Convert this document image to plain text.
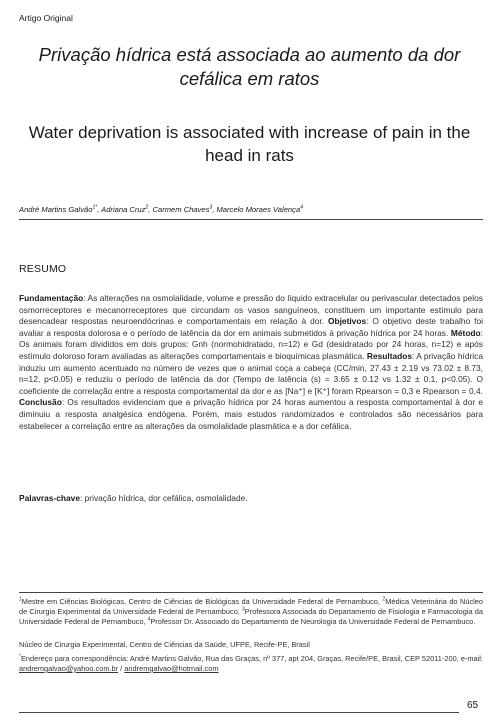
Artigo Original
Privação hídrica está associada ao aumento da dor cefálica em ratos
Water deprivation is associated with increase of pain in the head in rats
André Martins Galvão$^{1*}$, Adriana Cruz$^2$, Carmem Chaves$^3$, Marcelo Moraes Valença$^4$
RESUMO
Fundamentação: As alterações na osmolalidade, volume e pressão do líquido extracelular ou perivascular detectados pelos osmorreceptores e mecanorreceptores que circundam os vasos sanguíneos, constituem um importante estímulo para desencadear respostas neuroendócrinas e comportamentais em relação à dor. Objetivos: O objetivo deste trabalho foi avaliar a resposta dolorosa e o período de latência da dor em animais submetidos à privação hídrica por 24 horas. Método: Os animais foram divididos em dois grupos: Gnh (normohidratado, n=12) e Gd (desidratado por 24 horas, n=12) e após estímulo doloroso foram avaliadas as alterações comportamentais e bioquímicas plasmática. Resultados: A privação hídrica induziu um aumento acentuado no número de vezes que o animal coça a cabeça (CC/min, 27.43 ± 2.19 vs 73.02 ± 8.73, n=12, p<0.05) e reduziu o período de latência da dor (Tempo de latência (s) = 3.65 ± 0.12 vs 1.32 ± 0.1, p<0.05). O coeficiente de correlação entre a resposta comportamental da dor e as [Na⁺] e [K⁺] foram Rpearson = 0,3 e Rpearson = 0,4. Conclusão: Os resultados evidenciam que a privação hídrica por 24 horas aumentou a resposta comportamental à dor e diminuiu a resposta analgésica endógena. Porém, mais estudos randomizados e controlados são necessários para estabelecer a correlação entre as alterações da osmolalidade plasmática e a dor cefálica.
Palavras-chave: privação hídrica, dor cefálica, osmolalidade.
$^1$Mestre em Ciências Biológicas, Centro de Ciências de Biológicas da Universidade Federal de Pernambuco, $^2$Médica Veterinária do Núcleo de Cirurgia Experimental da Universidade Federal de Pernambuco, $^3$Professora Associada do Departamento de Fisiologia e Farmacologia da Universidade Federal de Pernambuco, $^4$Professor Dr. Associado do Departamento de Neurologia da Universidade Federal de Pernambuco.
Núcleo de Cirurgia Experimental, Centro de Ciências da Saúde, UFPE, Recife-PE, Brasil
*Endereço para correspondência: André Martins Galvão, Rua das Graças, nº 377, apt 204, Graças, Recife/PE, Brasil, CEP 52011-200, e-mail: andremgalvao@yahoo.com.br / andremgalvao@hotmail.com
65
